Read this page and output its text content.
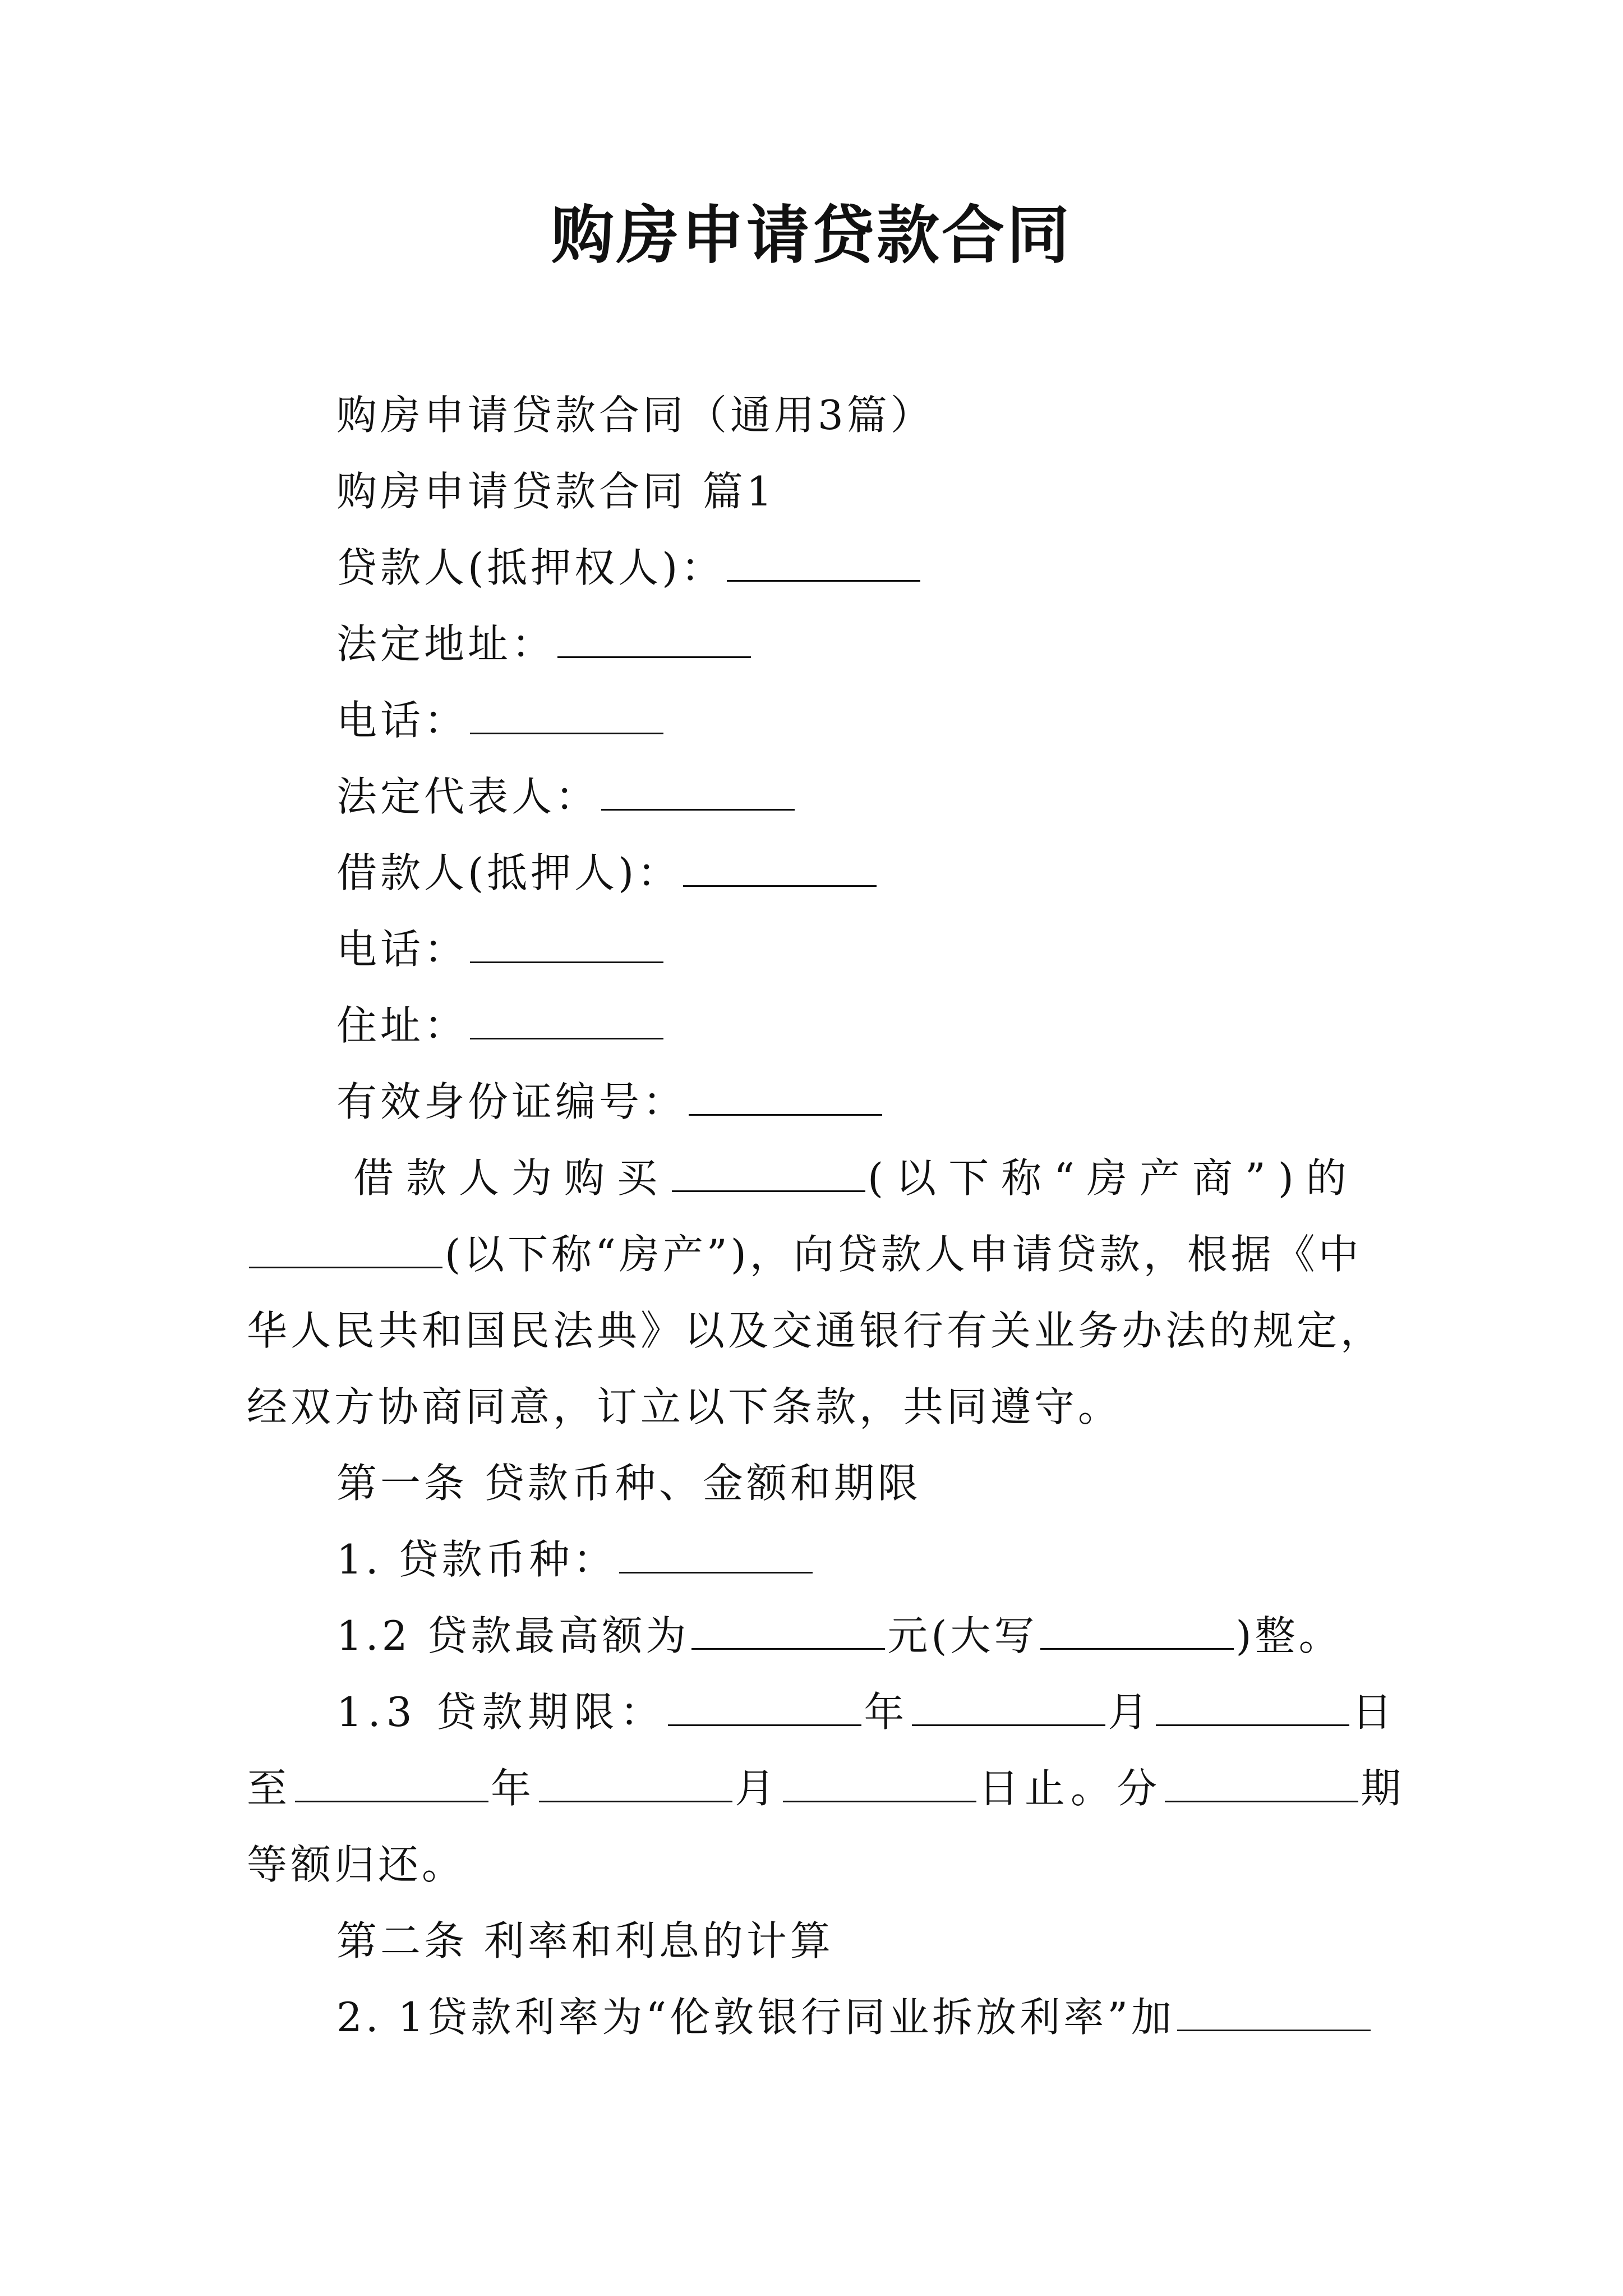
购房申请贷款合同
购房申请贷款合同（通用3篇）
购房申请贷款合同 篇1
贷款人(抵押权人)：
法定地址：
电话：
法定代表人：
借款人(抵押人)：
电话：
住址：
有效身份证编号：
借款人为购买	(以下称“房产商”)的
(以下称“房产”)，向贷款人申请贷款，根据《中
华人民共和国民法典》以及交通银行有关业务办法的规定，
经双方协商同意，订立以下条款，共同遵守。
第一条 贷款币种、金额和期限
1. 贷款币种：
1.2 贷款最高额为	元(大写	)整。
1.3 贷款期限：	年	月	日
至	年	月	日止。分	期
等额归还。
第二条 利率和利息的计算
2. 1贷款利率为“伦敦银行同业拆放利率”加
